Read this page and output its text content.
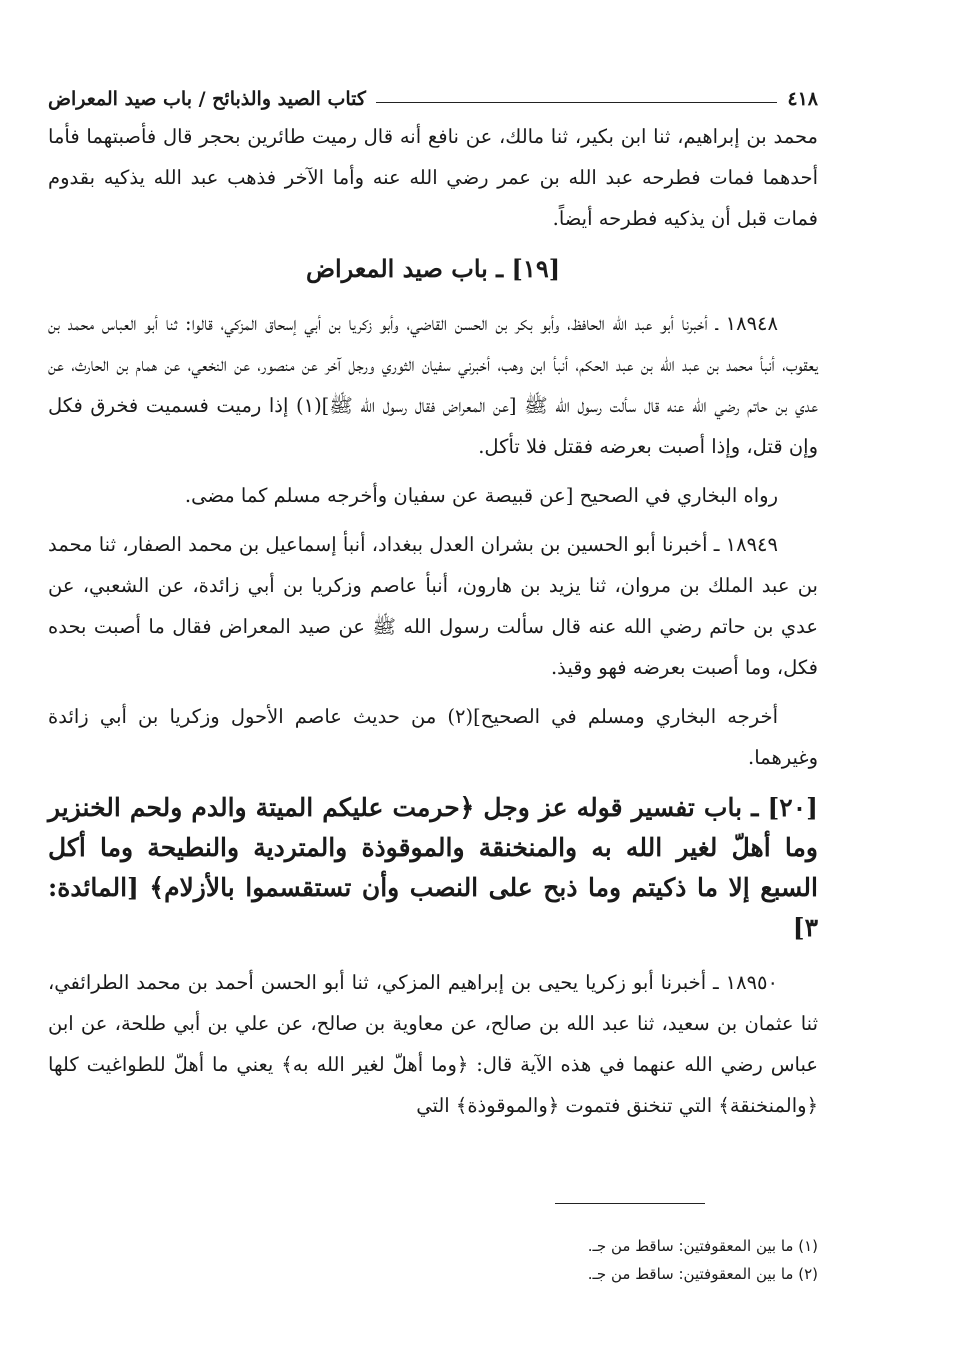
٤١٨
كتاب الصيد والذبائح / باب صيد المعراض

محمد بن إبراهيم، ثنا ابن بكير، ثنا مالك، عن نافع أنه قال رميت طائرين بحجر قال فأصبتهما فأما أحدهما فمات فطرحه عبد الله بن عمر رضي الله عنه وأما الآخر فذهب عبد الله يذكيه بقدوم فمات قبل أن يذكيه فطرحه أيضاً.

[١٩] ـ باب صيد المعراض

١٨٩٤٨ ـ أخبرنا أبو عبد الله الحافظ، وأبو بكر بن الحسن القاضي، وأبو زكريا بن أبي إسحاق المزكي، قالوا: ثنا أبو العباس محمد بن يعقوب، أنبأ محمد بن عبد الله بن عبد الحكم، أنبأ ابن وهب، أخبرني سفيان الثوري ورجل آخر عن منصور، عن النخعي، عن همام بن الحارث، عن عدي بن حاتم رضي الله عنه قال سألت رسول الله ﷺ [عن المعراض فقال رسول الله ﷺ](١) إذا رميت فسميت فخرق فكل وإن قتل، وإذا أصبت بعرضه فقتل فلا تأكل.

رواه البخاري في الصحيح [عن قبيصة عن سفيان وأخرجه مسلم كما مضى.

١٨٩٤٩ ـ أخبرنا أبو الحسين بن بشران العدل ببغداد، أنبأ إسماعيل بن محمد الصفار، ثنا محمد بن عبد الملك بن مروان، ثنا يزيد بن هارون، أنبأ عاصم وزكريا بن أبي زائدة، عن الشعبي، عن عدي بن حاتم رضي الله عنه قال سألت رسول الله ﷺ عن صيد المعراض فقال ما أصبت بحده فكل، وما أصبت بعرضه فهو وقيذ.

أخرجه البخاري ومسلم في الصحيح](٢) من حديث عاصم الأحول وزكريا بن أبي زائدة وغيرهما.

[٢٠] ـ باب تفسير قوله عز وجل ﴿حرمت عليكم الميتة والدم ولحم الخنزير وما أهلّ لغير الله به والمنخنقة والموقوذة والمتردية والنطيحة وما أكل السبع إلا ما ذكيتم وما ذبح على النصب وأن تستقسموا بالأزلام﴾ [المائدة: ٣]

١٨٩٥٠ ـ أخبرنا أبو زكريا يحيى بن إبراهيم المزكي، ثنا أبو الحسن أحمد بن محمد الطرائفي، ثنا عثمان بن سعيد، ثنا عبد الله بن صالح، عن معاوية بن صالح، عن علي بن أبي طلحة، عن ابن عباس رضي الله عنهما في هذه الآية قال: ﴿وما أهلّ لغير الله به﴾ يعني ما أهلّ للطواغيت كلها ﴿والمنخنقة﴾ التي تنخنق فتموت ﴿والموقوذة﴾ التي

(١) ما بين المعقوفتين: ساقط من جـ.
(٢) ما بين المعقوفتين: ساقط من جـ.
